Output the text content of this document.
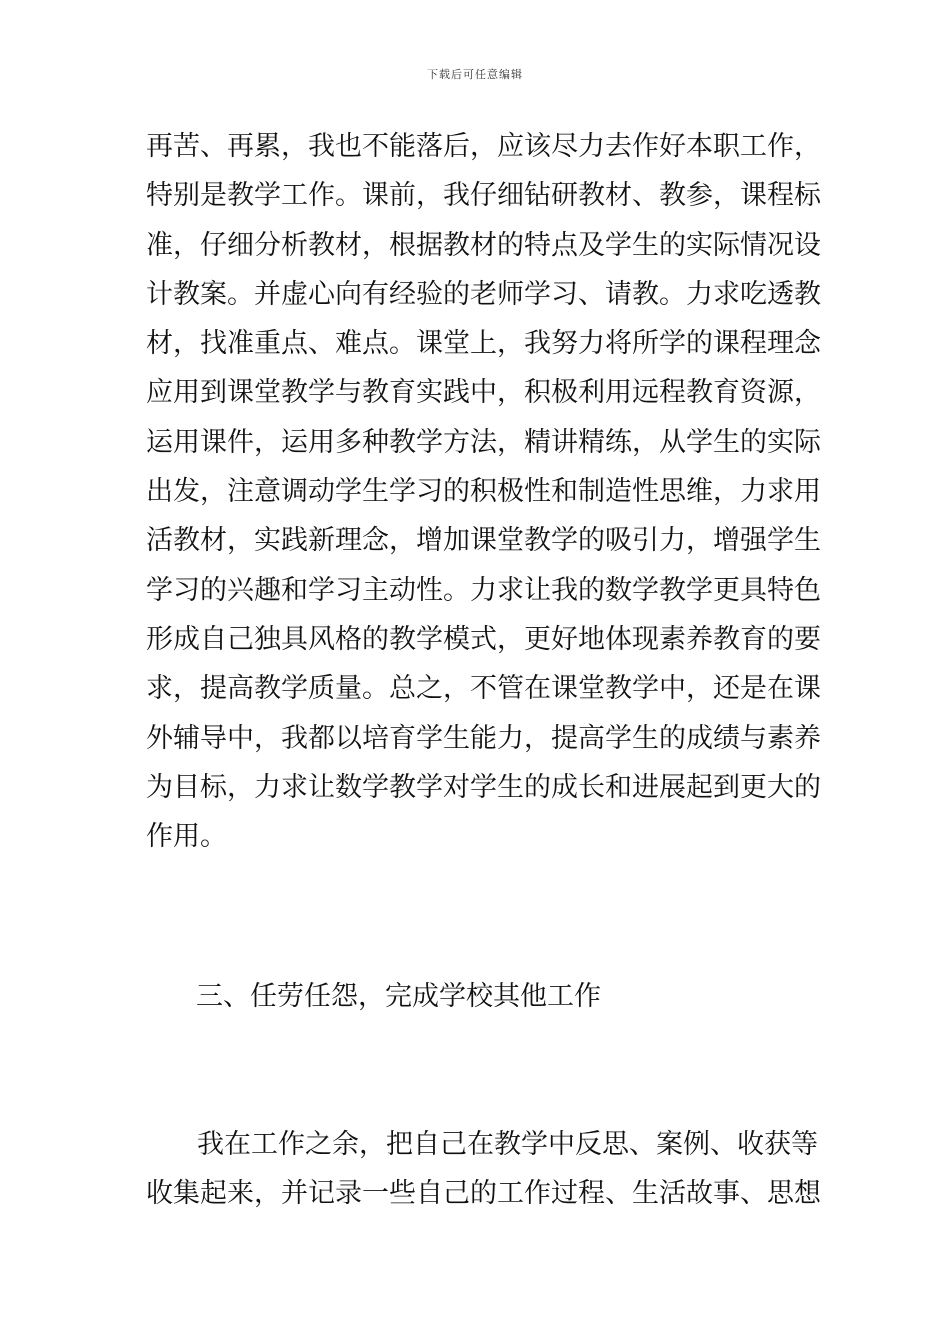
下载后可任意编辑
再苦、再累，我也不能落后，应该尽力去作好本职工作，
特别是教学工作。课前，我仔细钻研教材、教参，课程标
准，仔细分析教材，根据教材的特点及学生的实际情况设
计教案。并虚心向有经验的老师学习、请教。力求吃透教
材，找准重点、难点。课堂上，我努力将所学的课程理念
应用到课堂教学与教育实践中，积极利用远程教育资源，
运用课件，运用多种教学方法，精讲精练，从学生的实际
出发，注意调动学生学习的积极性和制造性思维，力求用
活教材，实践新理念，增加课堂教学的吸引力，增强学生
学习的兴趣和学习主动性。力求让我的数学教学更具特色
形成自己独具风格的教学模式，更好地体现素养教育的要
求，提高教学质量。总之，不管在课堂教学中，还是在课
外辅导中，我都以培育学生能力，提高学生的成绩与素养
为目标，力求让数学教学对学生的成长和进展起到更大的
作用。
三、任劳任怨，完成学校其他工作
我在工作之余，把自己在教学中反思、案例、收获等
收集起来，并记录一些自己的工作过程、生活故事、思想
